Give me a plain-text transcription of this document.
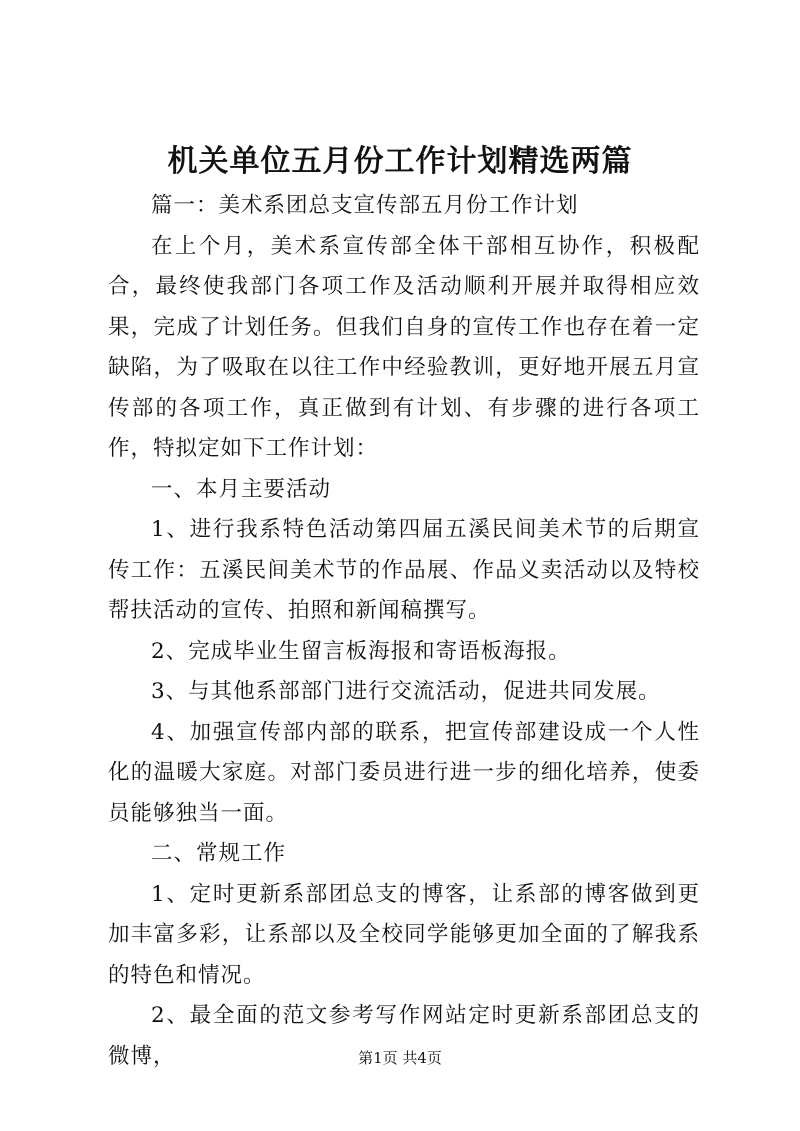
机关单位五月份工作计划精选两篇

篇一：美术系团总支宣传部五月份工作计划

在上个月，美术系宣传部全体干部相互协作，积极配合，最终使我部门各项工作及活动顺利开展并取得相应效果，完成了计划任务。但我们自身的宣传工作也存在着一定缺陷，为了吸取在以往工作中经验教训，更好地开展五月宣传部的各项工作，真正做到有计划、有步骤的进行各项工作，特拟定如下工作计划：

一、本月主要活动

1、进行我系特色活动第四届五溪民间美术节的后期宣传工作：五溪民间美术节的作品展、作品义卖活动以及特校帮扶活动的宣传、拍照和新闻稿撰写。

2、完成毕业生留言板海报和寄语板海报。

3、与其他系部部门进行交流活动，促进共同发展。

4、加强宣传部内部的联系，把宣传部建设成一个人性化的温暖大家庭。对部门委员进行进一步的细化培养，使委员能够独当一面。

二、常规工作

1、定时更新系部团总支的博客，让系部的博客做到更加丰富多彩，让系部以及全校同学能够更加全面的了解我系的特色和情况。

2、最全面的范文参考写作网站定时更新系部团总支的微博，	第1页 共4页
